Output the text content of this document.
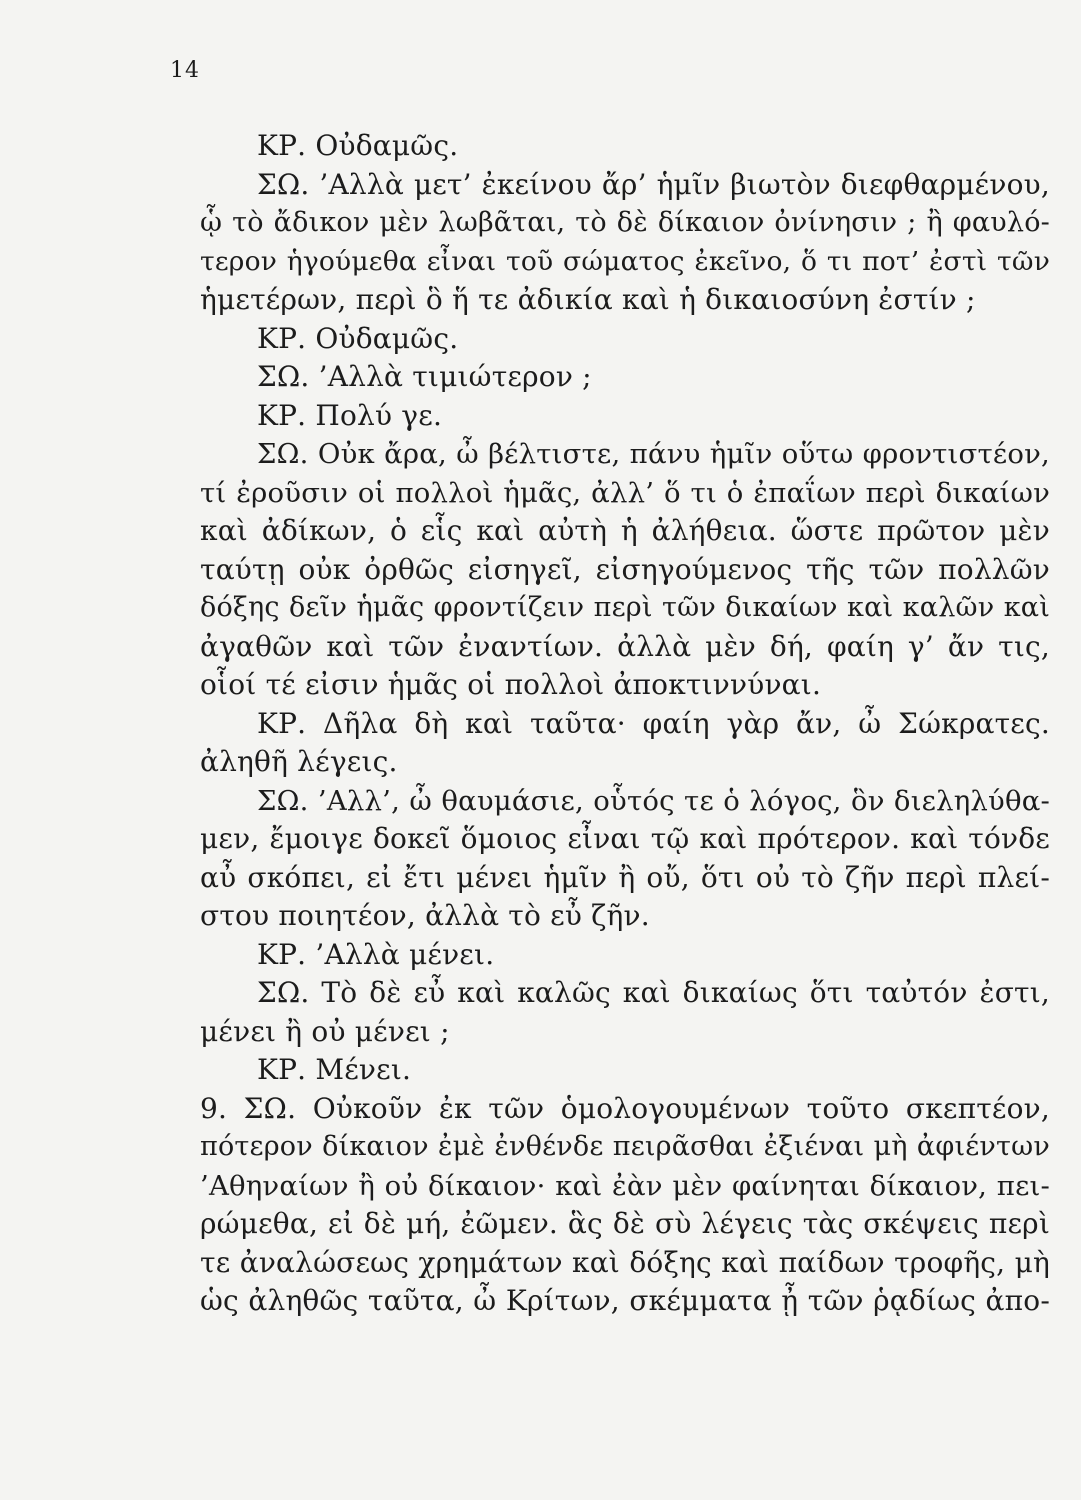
14
ΚΡ. Οὐδαμῶς.
ΣΩ. ’Αλλὰ μετ’ ἐκείνου ἄρ’ ἡμῖν βιωτὸν διεφθαρμένου,
ᾧ τὸ ἄδικον μὲν λωβᾶται, τὸ δὲ δίκαιον ὀνίνησιν ; ἢ φαυλό-
τερον ἡγούμεθα εἶναι τοῦ σώματος ἐκεῖνο, ὅ τι ποτ’ ἐστὶ τῶν
ἡμετέρων, περὶ ὃ ἥ τε ἀδικία καὶ ἡ δικαιοσύνη ἐστίν ;
ΚΡ. Οὐδαμῶς.
ΣΩ. ’Αλλὰ τιμιώτερον ;
ΚΡ. Πολύ γε.
ΣΩ. Οὐκ ἄρα, ὦ βέλτιστε, πάνυ ἡμῖν οὕτω φροντιστέον,
τί ἐροῦσιν οἱ πολλοὶ ἡμᾶς, ἀλλ’ ὅ τι ὁ ἐπαΐων περὶ δικαίων
καὶ ἀδίκων, ὁ εἷς καὶ αὐτὴ ἡ ἀλήθεια. ὥστε πρῶτον μὲν
ταύτῃ οὐκ ὀρθῶς εἰσηγεῖ, εἰσηγούμενος τῆς τῶν πολλῶν
δόξης δεῖν ἡμᾶς φροντίζειν περὶ τῶν δικαίων καὶ καλῶν καὶ
ἀγαθῶν καὶ τῶν ἐναντίων. ἀλλὰ μὲν δή, φαίη γ’ ἄν τις,
οἷοί τέ εἰσιν ἡμᾶς οἱ πολλοὶ ἀποκτιννύναι.
ΚΡ. Δῆλα δὴ καὶ ταῦτα· φαίη γὰρ ἄν, ὦ Σώκρατες.
ἀληθῆ λέγεις.
ΣΩ. ’Αλλ’, ὦ θαυμάσιε, οὗτός τε ὁ λόγος, ὃν διεληλύθα-
μεν, ἔμοιγε δοκεῖ ὅμοιος εἶναι τῷ καὶ πρότερον. καὶ τόνδε
αὖ σκόπει, εἰ ἔτι μένει ἡμῖν ἢ οὔ, ὅτι οὐ τὸ ζῆν περὶ πλεί-
στου ποιητέον, ἀλλὰ τὸ εὖ ζῆν.
ΚΡ. ’Αλλὰ μένει.
ΣΩ. Τὸ δὲ εὖ καὶ καλῶς καὶ δικαίως ὅτι ταὐτόν ἐστι,
μένει ἢ οὐ μένει ;
ΚΡ. Μένει.
9. ΣΩ. Οὐκοῦν ἐκ τῶν ὁμολογουμένων τοῦτο σκεπτέον,
πότερον δίκαιον ἐμὲ ἐνθένδε πειρᾶσθαι ἐξιέναι μὴ ἀφιέντων
’Αθηναίων ἢ οὐ δίκαιον· καὶ ἐὰν μὲν φαίνηται δίκαιον, πει-
ρώμεθα, εἰ δὲ μή, ἐῶμεν. ἃς δὲ σὺ λέγεις τὰς σκέψεις περὶ
τε ἀναλώσεως χρημάτων καὶ δόξης καὶ παίδων τροφῆς, μὴ
ὡς ἀληθῶς ταῦτα, ὦ Κρίτων, σκέμματα ᾖ τῶν ῥᾳδίως ἀπο-
